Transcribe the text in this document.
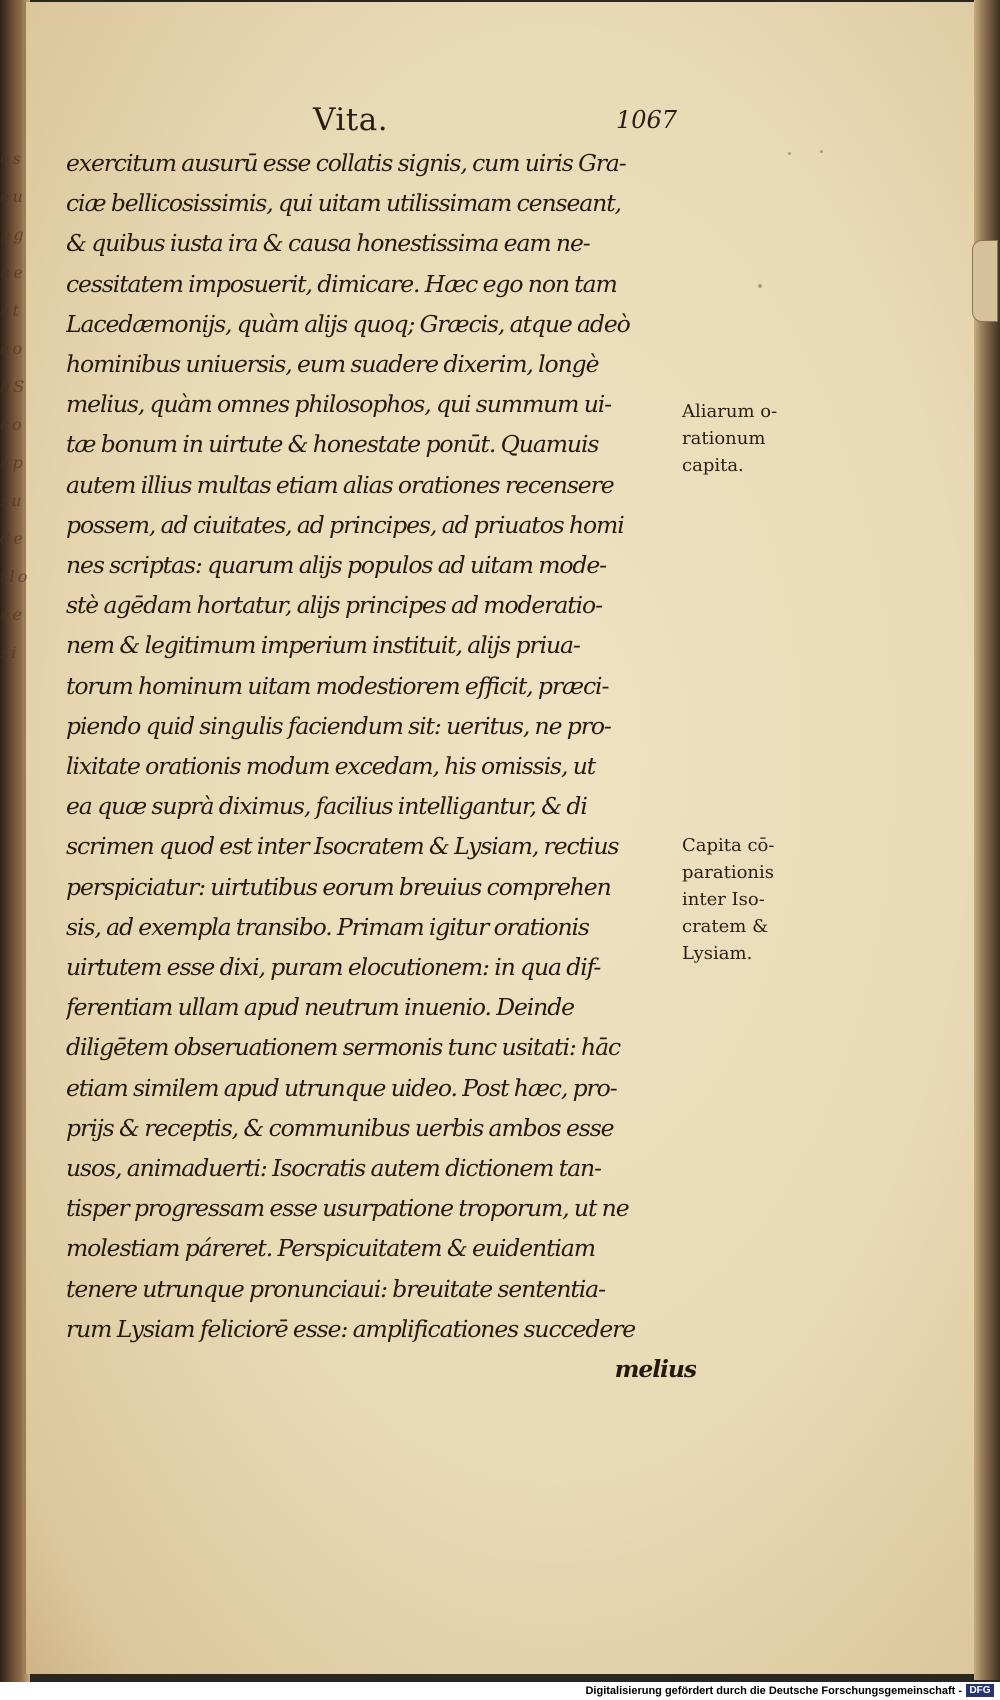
o s e u p g u e a t e o b S c o a p s u d e t l o e e s i
Vita.	1067
exercitum ausurū esse collatis signis, cum uiris Gra-
ciæ bellicosissimis, qui uitam utilissimam censeant,
& quibus iusta ira & causa honestissima eam ne-
cessitatem imposuerit, dimicare. Hæc ego non tam
Lacedæmonijs, quàm alijs quoq; Græcis, atque adeò
hominibus uniuersis, eum suadere dixerim, longè
melius, quàm omnes philosophos, qui summum ui-
tæ bonum in uirtute & honestate ponūt. Quamuis
autem illius multas etiam alias orationes recensere
possem, ad ciuitates, ad principes, ad priuatos homi
nes scriptas: quarum alijs populos ad uitam mode-
stè agēdam hortatur, alijs principes ad moderatio-
nem & legitimum imperium instituit, alijs priua-
torum hominum uitam modestiorem efficit, præci-
piendo quid singulis faciendum sit: ueritus, ne pro-
lixitate orationis modum excedam, his omissis, ut
ea quæ suprà diximus, facilius intelligantur, & di
scrimen quod est inter Isocratem & Lysiam, rectius
perspiciatur: uirtutibus eorum breuius comprehen
sis, ad exempla transibo. Primam igitur orationis
uirtutem esse dixi, puram elocutionem: in qua dif-
ferentiam ullam apud neutrum inuenio. Deinde
diligētem obseruationem sermonis tunc usitati: hāc
etiam similem apud utrunque uideo. Post hæc, pro-
prijs & receptis, & communibus uerbis ambos esse
usos, animaduerti: Isocratis autem dictionem tan-
tisper progressam esse usurpatione troporum, ut ne
molestiam páreret. Perspicuitatem & euidentiam
tenere utrunque pronunciaui: breuitate sententia-
rum Lysiam feliciorē esse: amplificationes succedere
melius
Aliarum o-
rationum
capita.
Capita cō-
parationis
inter Iso-
cratem &
Lysiam.
Digitalisierung gefördert durch die Deutsche Forschungsgemeinschaft - DFG
